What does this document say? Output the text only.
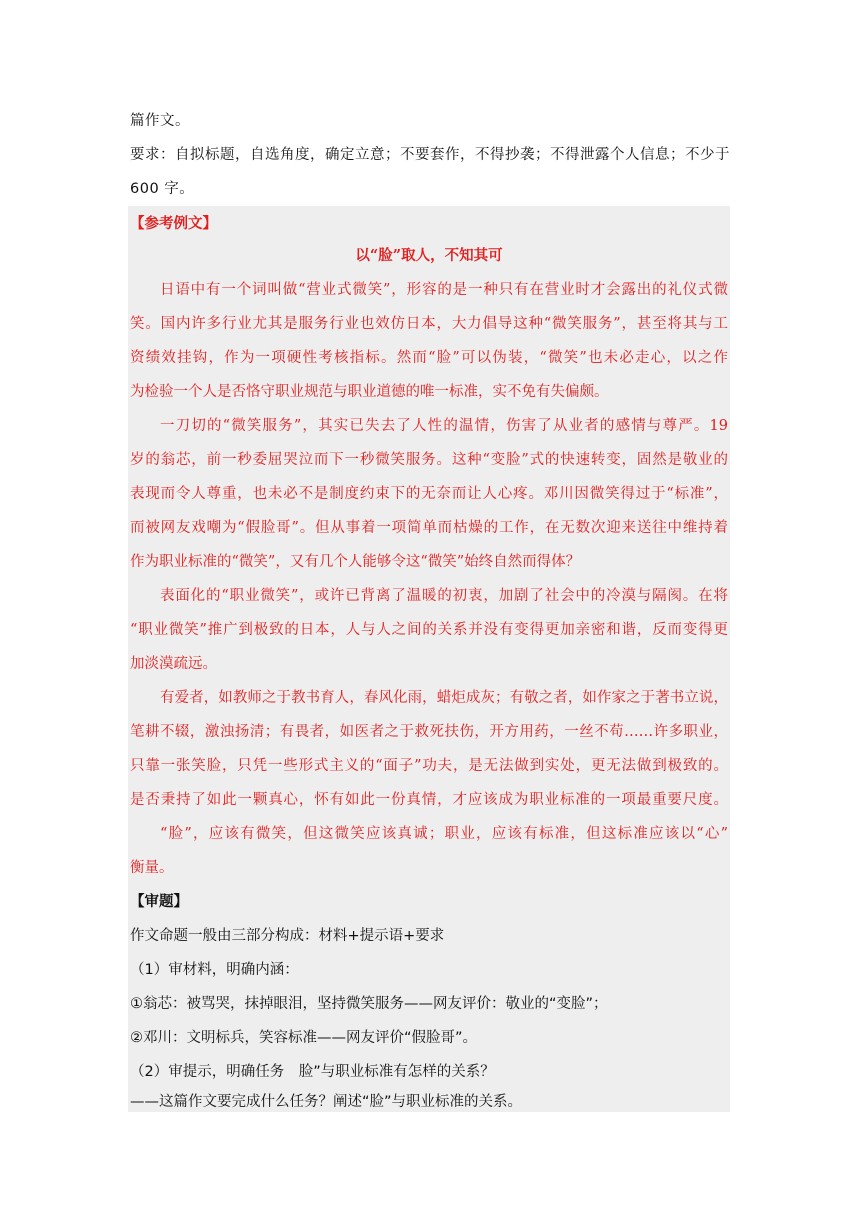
篇作文。
要求：自拟标题，自选角度，确定立意；不要套作，不得抄袭；不得泄露个人信息；不少于
600 字。
【参考例文】
以“脸”取人，不知其可
日语中有一个词叫做“营业式微笑”，形容的是一种只有在营业时才会露出的礼仪式微
笑。国内许多行业尤其是服务行业也效仿日本，大力倡导这种“微笑服务”，甚至将其与工
资绩效挂钩，作为一项硬性考核指标。然而“脸”可以伪装，“微笑”也未必走心，以之作
为检验一个人是否恪守职业规范与职业道德的唯一标准，实不免有失偏颇。
一刀切的“微笑服务”，其实已失去了人性的温情，伤害了从业者的感情与尊严。19
岁的翁芯，前一秒委屈哭泣而下一秒微笑服务。这种“变脸”式的快速转变，固然是敬业的
表现而令人尊重，也未必不是制度约束下的无奈而让人心疼。邓川因微笑得过于“标准”，
而被网友戏嘲为“假脸哥”。但从事着一项简单而枯燥的工作，在无数次迎来送往中维持着
作为职业标准的“微笑”，又有几个人能够令这“微笑”始终自然而得体？
表面化的“职业微笑”，或许已背离了温暖的初衷，加剧了社会中的冷漠与隔阂。在将
“职业微笑”推广到极致的日本，人与人之间的关系并没有变得更加亲密和谐，反而变得更
加淡漠疏远。
有爱者，如教师之于教书育人，春风化雨，蜡炬成灰；有敬之者，如作家之于著书立说，
笔耕不辍，激浊扬清；有畏者，如医者之于救死扶伤，开方用药，一丝不苟……许多职业，
只靠一张笑脸，只凭一些形式主义的“面子”功夫，是无法做到实处，更无法做到极致的。
是否秉持了如此一颗真心，怀有如此一份真情，才应该成为职业标准的一项最重要尺度。
“脸”，应该有微笑，但这微笑应该真诚；职业，应该有标准，但这标准应该以“心”
衡量。
【审题】
作文命题一般由三部分构成：材料+提示语+要求
（1）审材料，明确内涵：
①翁芯：被骂哭，抹掉眼泪，坚持微笑服务——网友评价：敬业的“变脸”；
②邓川：文明标兵，笑容标准——网友评价“假脸哥”。
（2）审提示，明确任务　脸”与职业标准有怎样的关系？
——这篇作文要完成什么任务？阐述“脸”与职业标准的关系。
